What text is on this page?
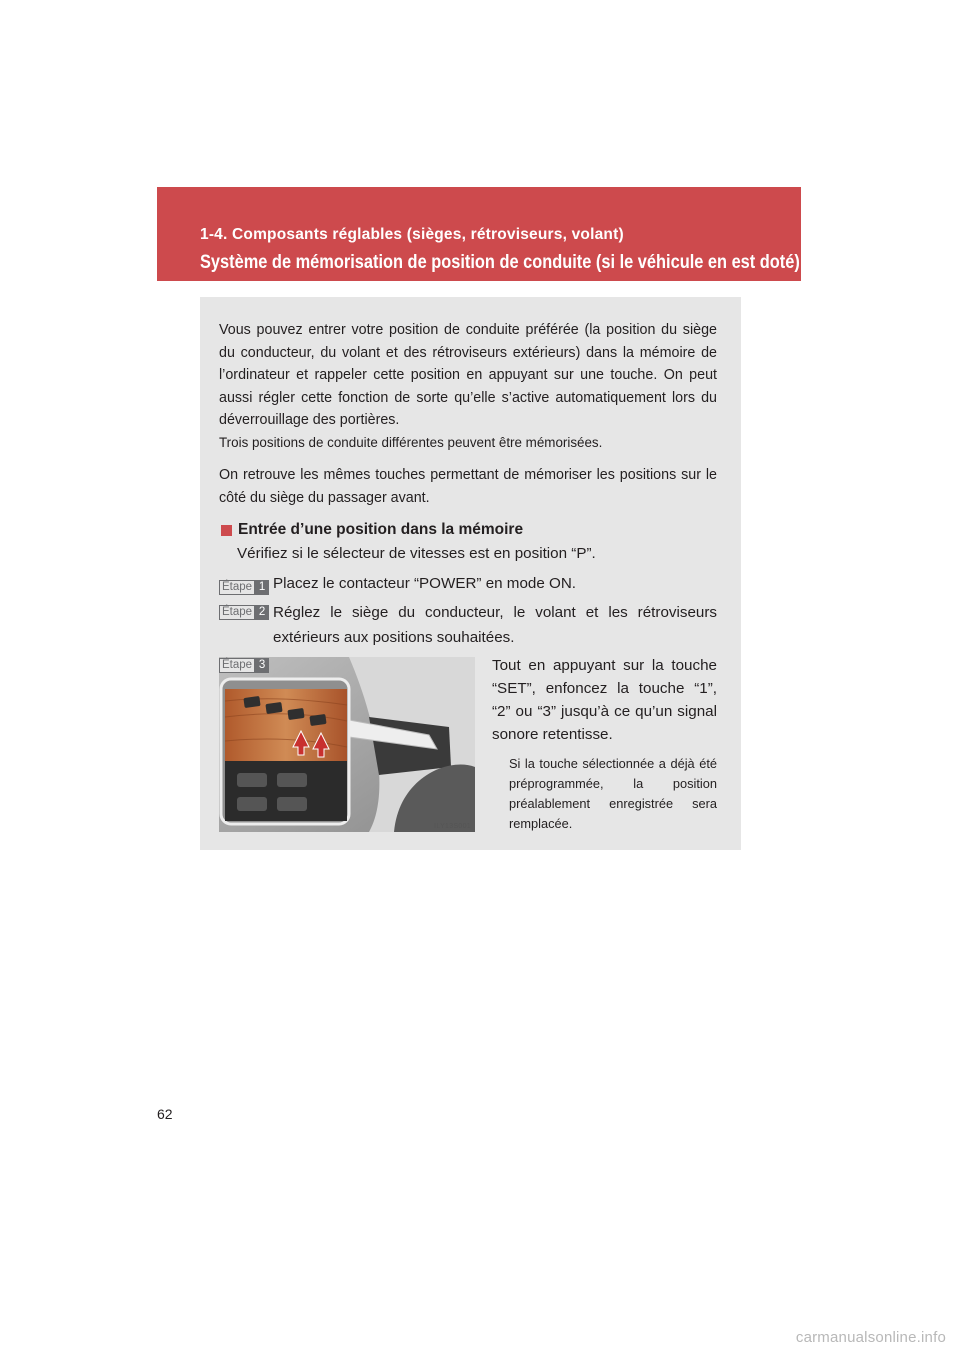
1-4. Composants réglables (sièges, rétroviseurs, volant)
Système de mémorisation de position de conduite (si le véhicule en est doté)
Vous pouvez entrer votre position de conduite préférée (la position du siège du conducteur, du volant et des rétroviseurs extérieurs) dans la mémoire de l’ordinateur et rappeler cette position en appuyant sur une touche. On peut aussi régler cette fonction de sorte qu’elle s’active automatiquement lors du déverrouillage des portières.
Trois positions de conduite différentes peuvent être mémorisées.
On retrouve les mêmes touches permettant de mémoriser les positions sur le côté du siège du passager avant.
Entrée d’une position dans la mémoire
Vérifiez si le sélecteur de vitesses est en position “P”.
Étape 1 Placez le contacteur “POWER” en mode ON.
Étape 2 Réglez le siège du conducteur, le volant et les rétroviseurs extérieurs aux positions souhaitées.
ILY13S001
Étape 3	Tout en appuyant sur la touche “SET”, enfoncez la touche “1”, “2” ou “3” jusqu’à ce qu’un signal sonore retentisse.
Si la touche sélectionnée a déjà été préprogrammée, la position préalablement enregistrée sera remplacée.
62
carmanualsonline.info
